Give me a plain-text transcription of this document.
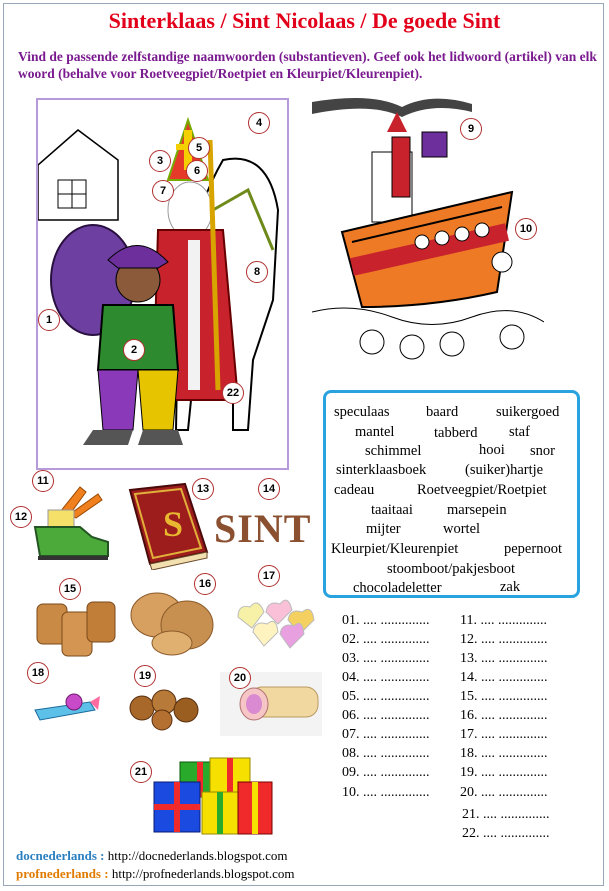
Sinterklaas / Sint Nicolaas / De goede Sint
Vind de passende zelfstandige naamwoorden (substantieven). Geef ook het lidwoord (artikel) van elk woord (behalve voor Roetveegpiet/Roetpiet en Kleurpiet/Kleurenpiet).
speculaas	baard	suikergoed
mantel	tabberd staf
schimmel	hooi snor
sinterklaasboek	(suiker)hartje
cadeau	Roetveegpiet/Roetpiet
taaitaai marsepein
mijter	wortel
Kleurpiet/Kleurenpiet	pepernoot
stoomboot/pakjesboot
chocoladeletter	zak
S SINT
1
2
3
4
5
6
7
8
9
10
11
12
13	14
15	16
17
18	19	20
21
22
01. .... ..............
02. .... ..............
03. .... ..............
04. .... ..............
05. .... ..............
06. .... ..............
07. .... ..............
08. .... ..............
09. .... ..............
10. .... ..............
11. .... ..............
12. .... ..............
13. .... ..............
14. .... ..............
15. .... ..............
16. .... ..............
17. .... ..............
18. .... ..............
19. .... ..............
20. .... ..............
21. .... ..............
22. .... ..............
docnederlands : http://docnederlands.blogspot.com
profnederlands : http://profnederlands.blogspot.com
